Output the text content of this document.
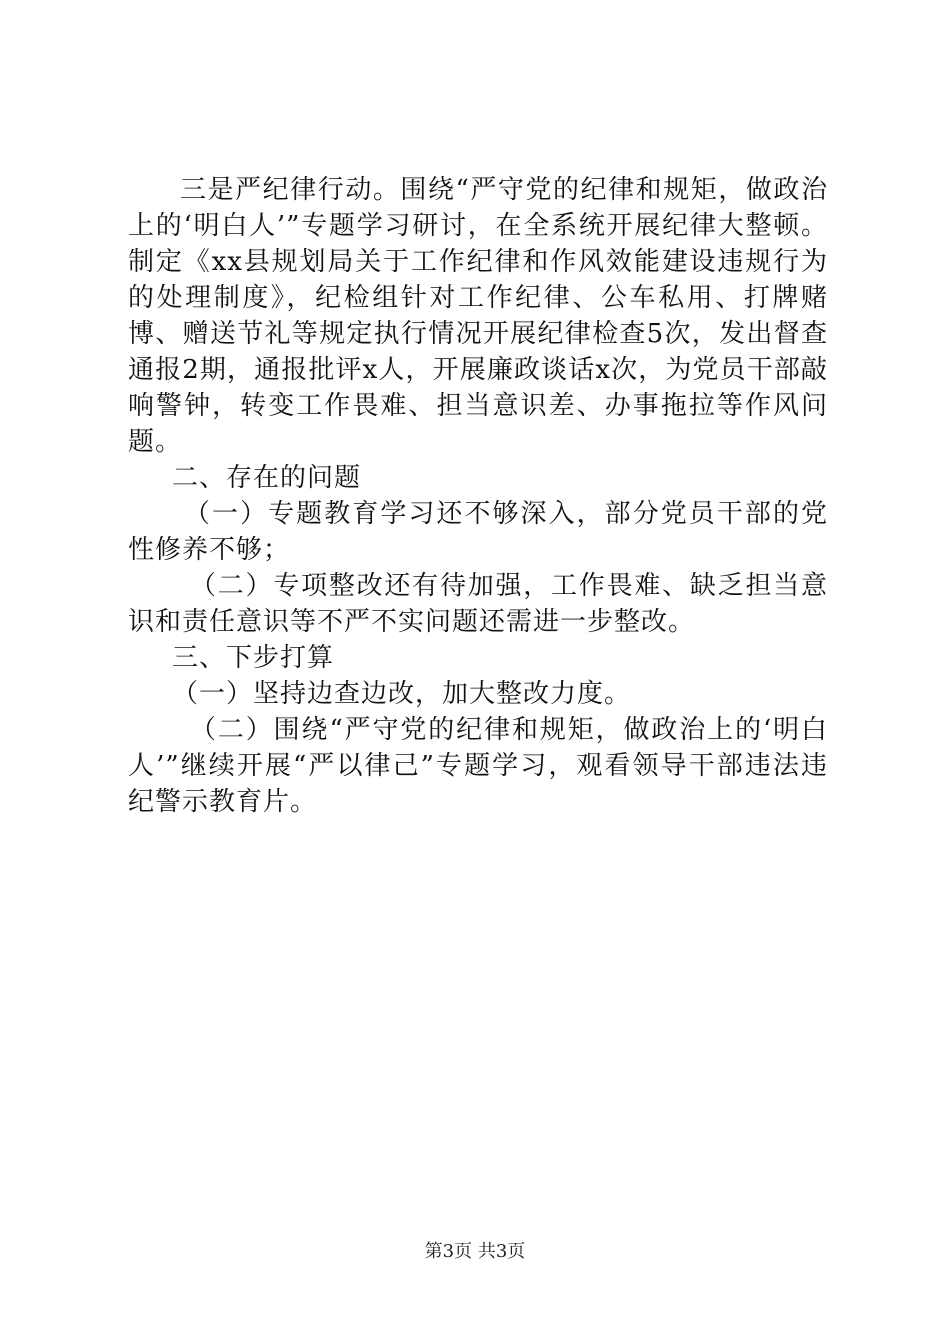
三是严纪律行动。围绕“严守党的纪律和规矩，做政治上的‘明白人’”专题学习研讨，在全系统开展纪律大整顿。制定《xx县规划局关于工作纪律和作风效能建设违规行为的处理制度》，纪检组针对工作纪律、公车私用、打牌赌博、赠送节礼等规定执行情况开展纪律检查5次，发出督查通报2期，通报批评x人，开展廉政谈话x次，为党员干部敲响警钟，转变工作畏难、担当意识差、办事拖拉等作风问题。

二、存在的问题

（一）专题教育学习还不够深入，部分党员干部的党性修养不够；

（二）专项整改还有待加强，工作畏难、缺乏担当意识和责任意识等不严不实问题还需进一步整改。

三、下步打算

（一）坚持边查边改，加大整改力度。

（二）围绕“严守党的纪律和规矩，做政治上的‘明白人’”继续开展“严以律己”专题学习，观看领导干部违法违纪警示教育片。

第3页 共3页
